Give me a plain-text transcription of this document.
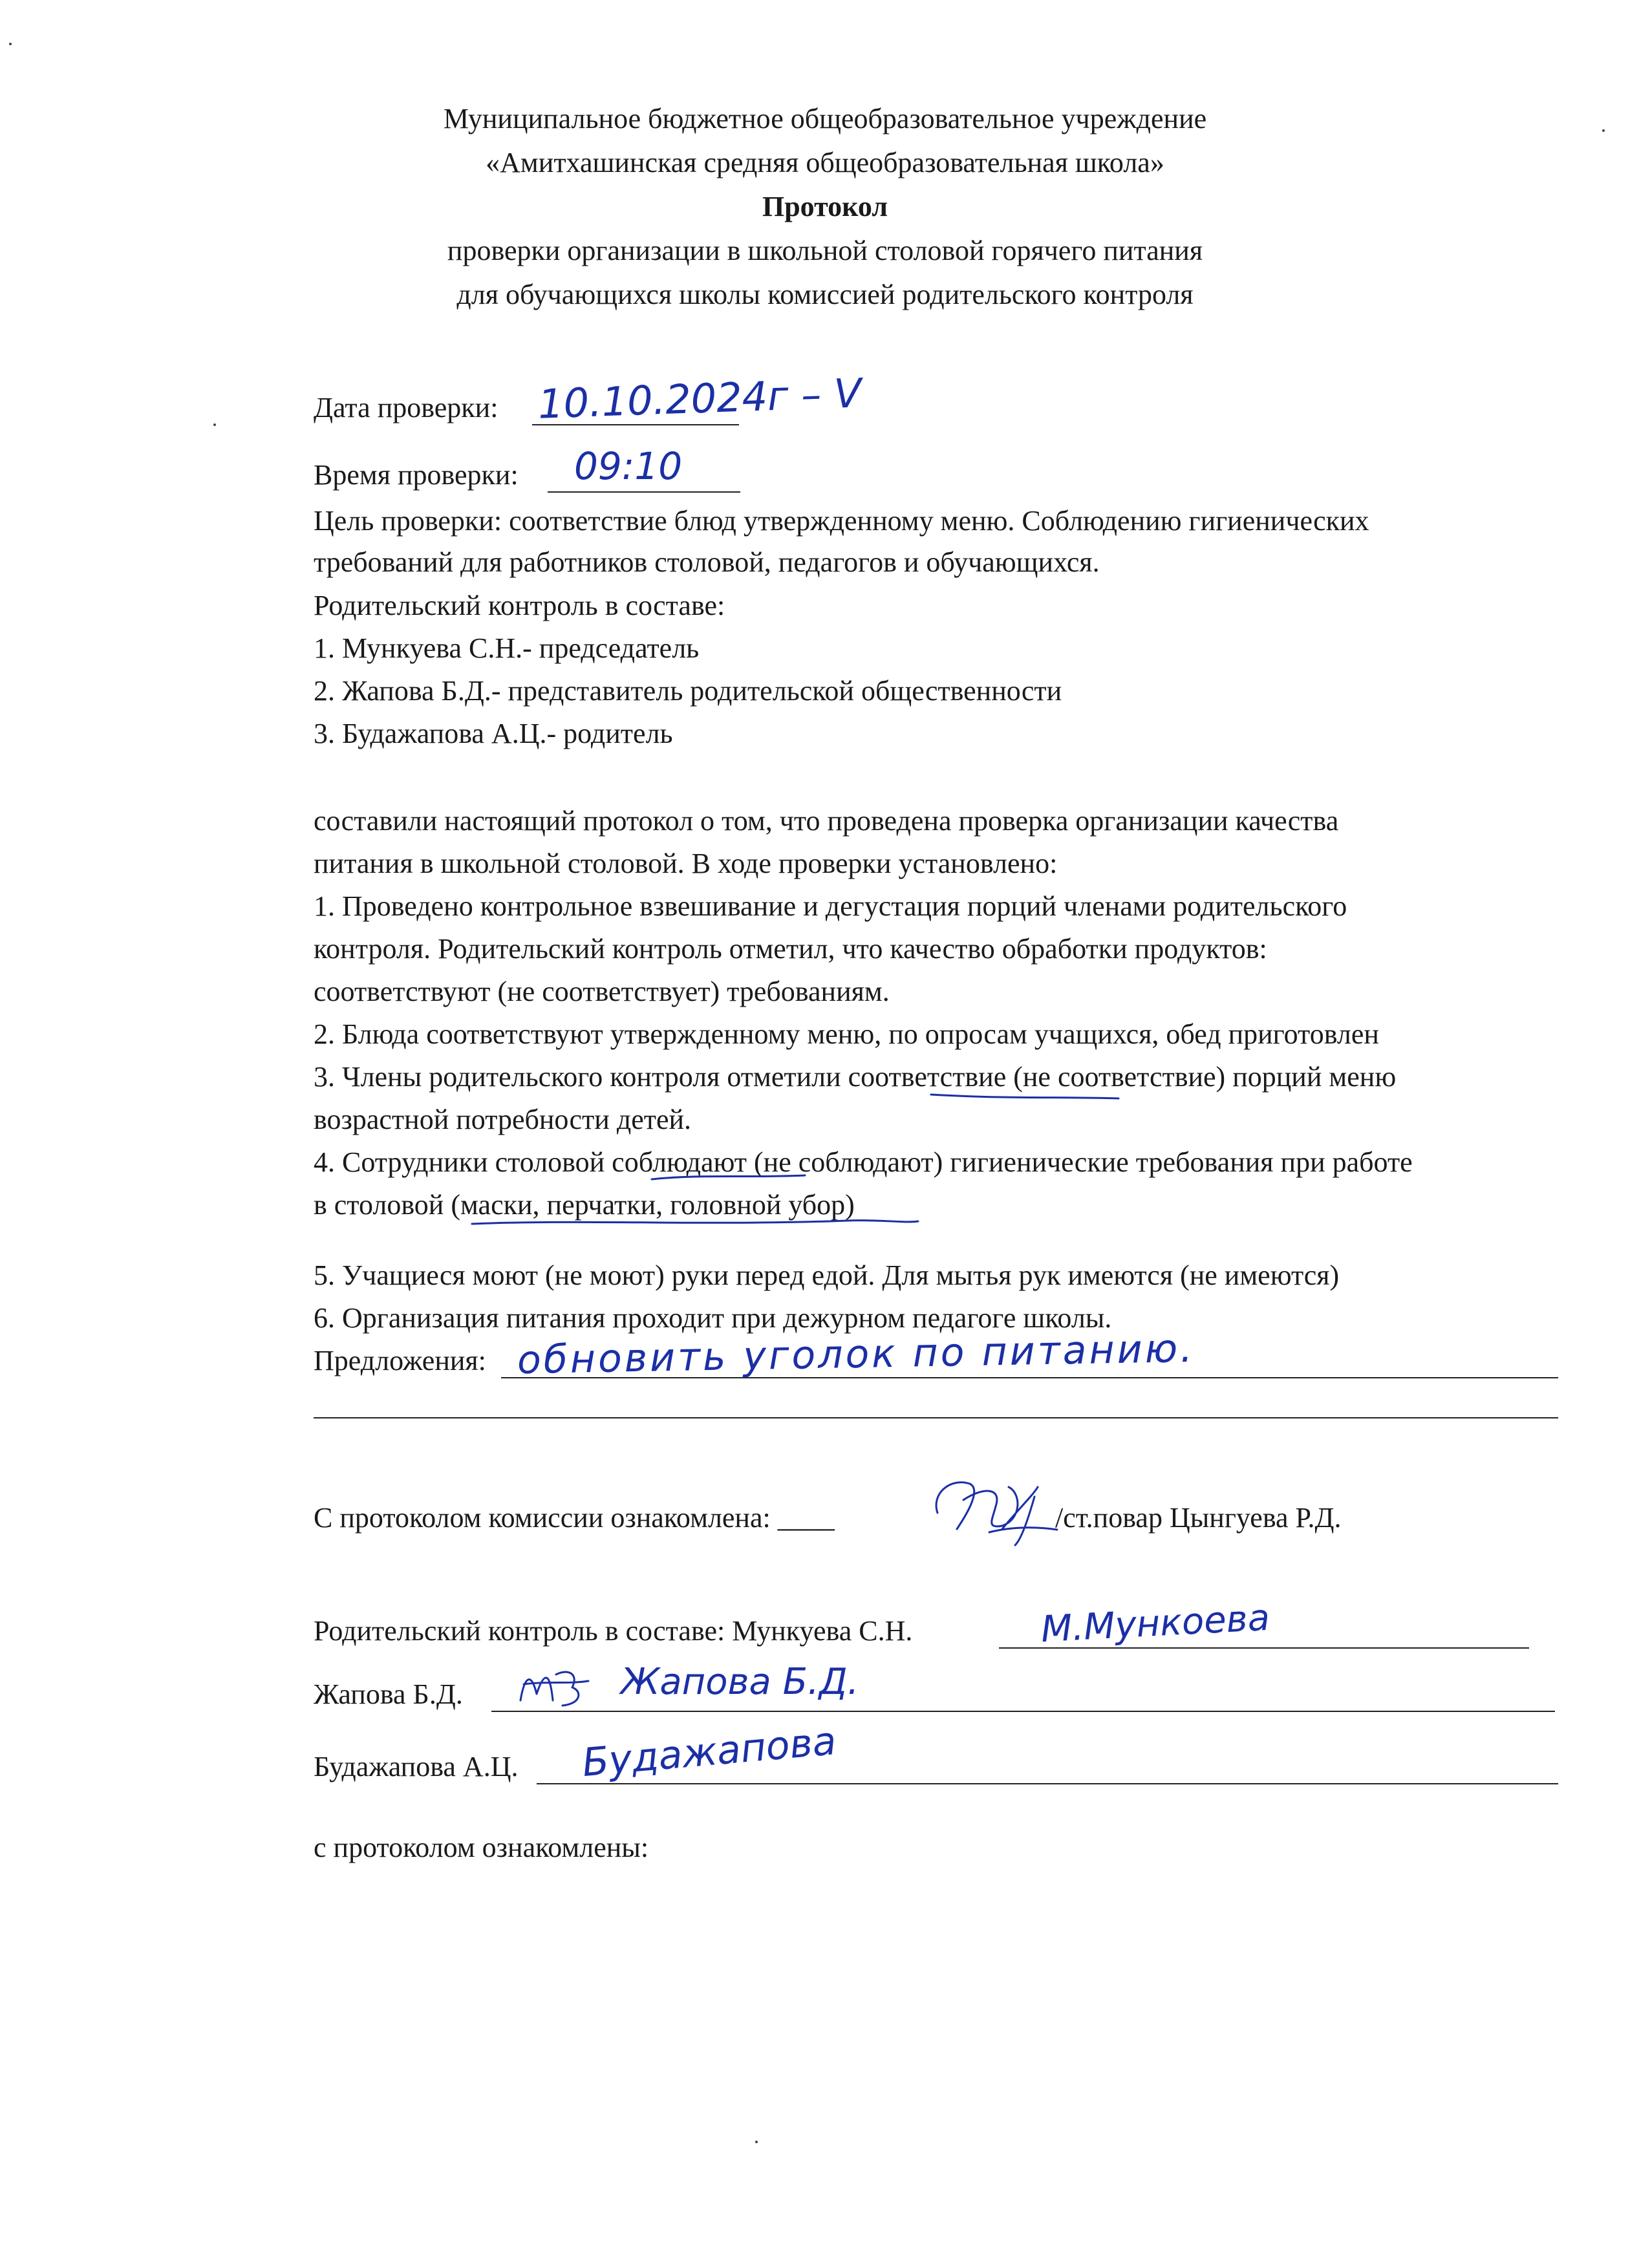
Муниципальное бюджетное общеобразовательное учреждение
«Амитхашинская средняя общеобразовательная школа»
Протокол
проверки организации в школьной столовой горячего питания
для обучающихся школы комиссией родительского контроля
Дата проверки: 10.10.2024г – V
Время проверки: 09:10
Цель проверки: соответствие блюд утвержденному меню. Соблюдению гигиенических
требований для работников столовой, педагогов и обучающихся.
Родительский контроль в составе:
1. Мункуева С.Н.- председатель
2. Жапова Б.Д.- представитель родительской общественности
3. Будажапова А.Ц.- родитель
составили настоящий протокол о том, что проведена проверка организации качества
питания в школьной столовой. В ходе проверки установлено:
1. Проведено контрольное взвешивание и дегустация порций членами родительского
контроля. Родительский контроль отметил, что качество обработки продуктов:
соответствуют (не соответствует) требованиям.
2. Блюда соответствуют утвержденному меню, по опросам учащихся, обед приготовлен
3. Члены родительского контроля отметили соответствие (не соответствие) порций меню
возрастной потребности детей.
4. Сотрудники столовой соблюдают (не соблюдают) гигиенические требования при работе
в столовой (маски, перчатки, головной убор)
5. Учащиеся моют (не моют) руки перед едой. Для мытья рук имеются (не имеются)
6. Организация питания проходит при дежурном педагоге школы.
Предложения: обновить уголок по питанию.
С протоколом комиссии ознакомлена: ____	/ст.повар Цынгуева Р.Д.
Родительский контроль в составе: Мункуева С.Н.	М.Мункоева
Жапова Б.Д.	Жапова Б.Д.
Будажапова А.Ц. Будажапова
с протоколом ознакомлены:
